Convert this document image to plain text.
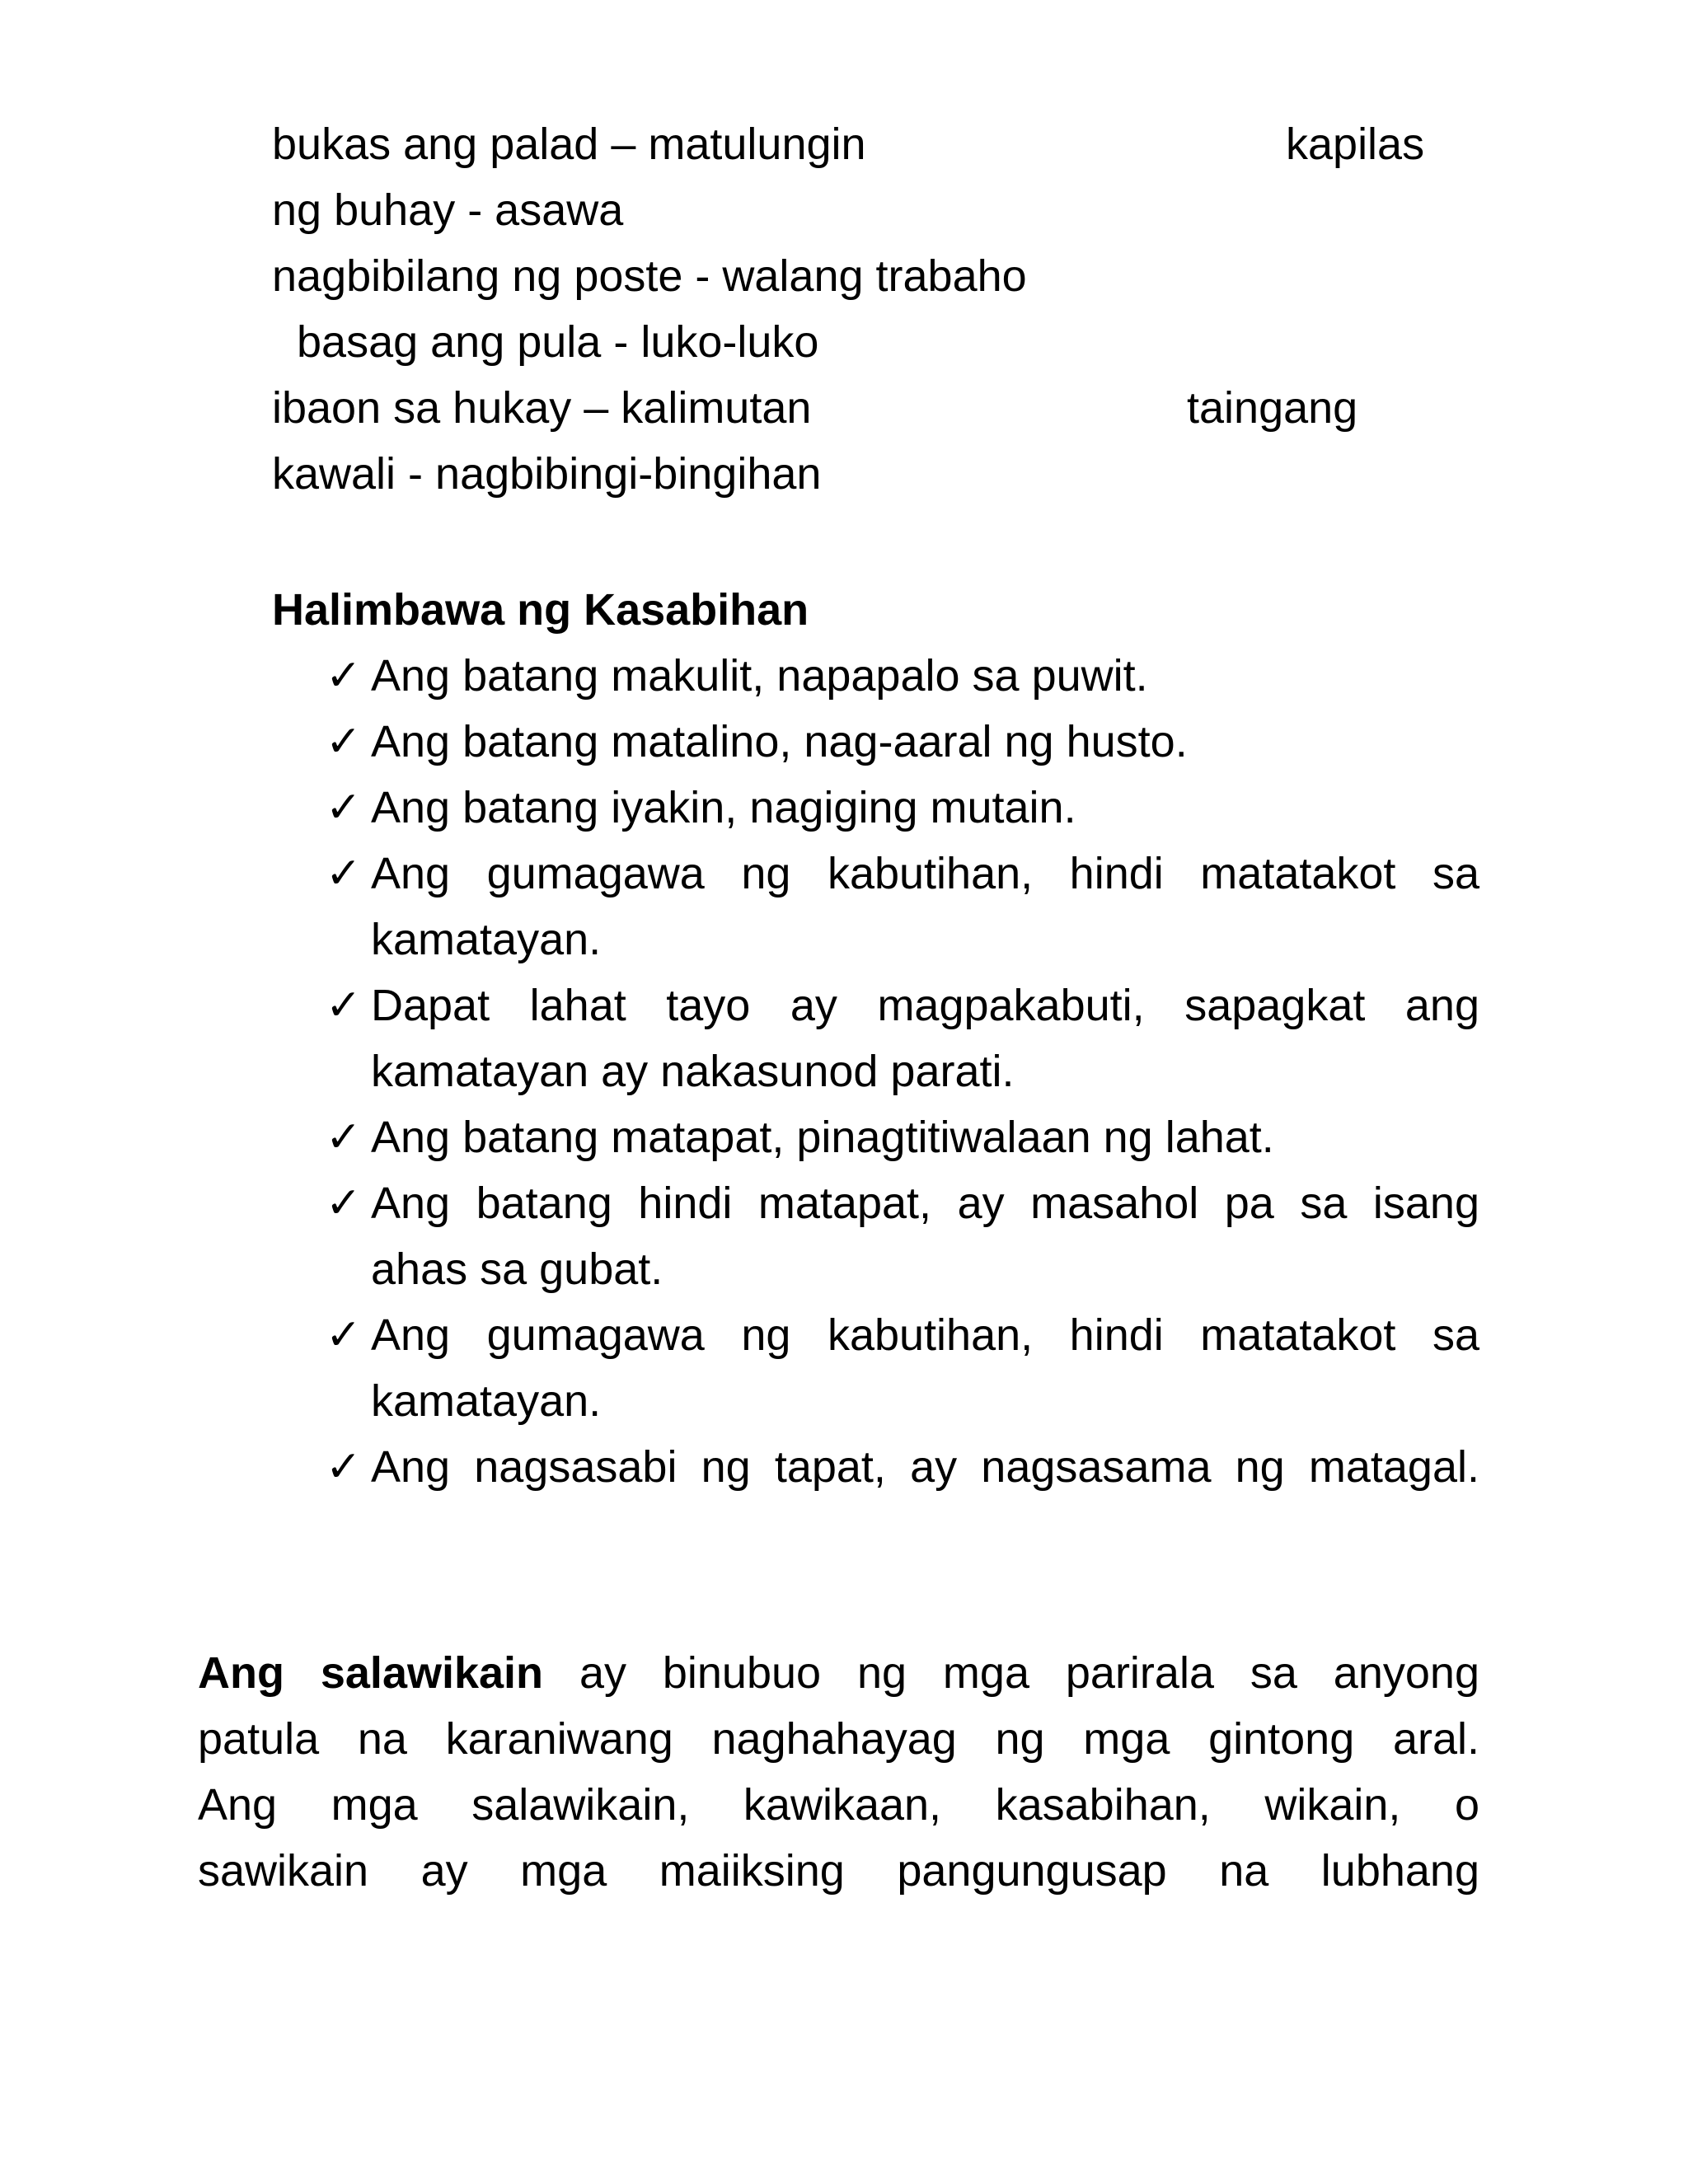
bukas ang palad – matulungin	kapilas
ng buhay - asawa
nagbibilang ng poste - walang trabaho
basag ang pula - luko-luko
ibaon sa hukay – kalimutan	taingang
kawali - nagbibingi-bingihan
Halimbawa ng Kasabihan
✓ Ang batang makulit, napapalo sa puwit.
✓ Ang batang matalino, nag-aaral ng husto.
✓ Ang batang iyakin, nagiging mutain.
✓ Ang gumagawa ng kabutihan, hindi matatakot sa
kamatayan.
✓ Dapat lahat tayo ay magpakabuti, sapagkat ang
kamatayan ay nakasunod parati.
✓ Ang batang matapat, pinagtitiwalaan ng lahat.
✓ Ang batang hindi matapat, ay masahol pa sa isang
ahas sa gubat.
✓ Ang gumagawa ng kabutihan, hindi matatakot sa
kamatayan.
✓ Ang nagsasabi ng tapat, ay nagsasama ng matagal.
Ang salawikain ay binubuo ng mga parirala sa anyong
patula na karaniwang naghahayag ng mga gintong aral.
Ang mga salawikain, kawikaan, kasabihan, wikain, o
sawikain ay mga maiiksing pangungusap na lubhang
